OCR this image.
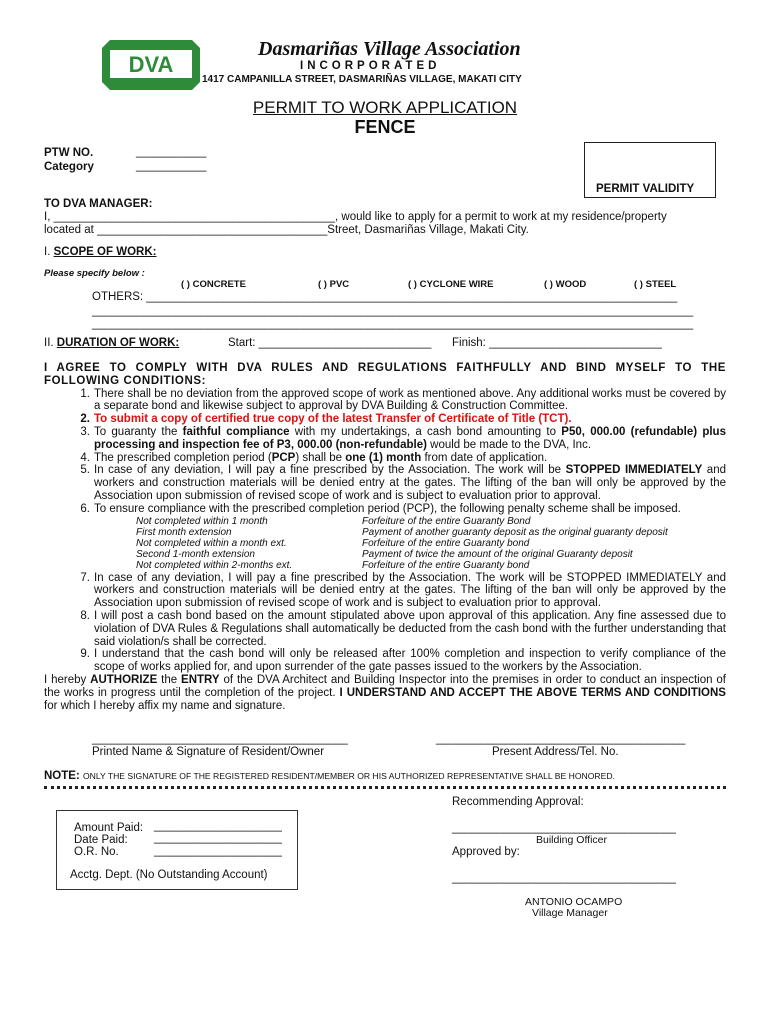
DVA
Dasmariñas Village Association
INCORPORATED
1417 CAMPANILLA STREET, DASMARIÑAS VILLAGE, MAKATI CITY
PERMIT TO WORK APPLICATION
FENCE
PTW NO.	___________
Category	___________
PERMIT VALIDITY
TO DVA MANAGER:
I, ____________________________________________, would like to apply for a permit to work at my residence/property
located at ____________________________________Street, Dasmariñas Village, Makati City.
I. SCOPE OF WORK:
Please specify below :
( ) CONCRETE	( ) PVC	( ) CYCLONE WIRE	( ) WOOD	( ) STEEL
OTHERS: ___________________________________________________________________________________
______________________________________________________________________________________________
______________________________________________________________________________________________
II. DURATION OF WORK:	Start: ___________________________ Finish: ___________________________

I AGREE TO COMPLY WITH DVA RULES AND REGULATIONS FAITHFULLY AND BIND MYSELF TO THE FOLLOWING CONDITIONS:

1. There shall be no deviation from the approved scope of work as mentioned above. Any additional works must be covered by a separate bond and likewise subject to approval by DVA Building & Construction Committee.
2. To submit a copy of certified true copy of the latest Transfer of Certificate of Title (TCT).
3. To guaranty the faithful compliance with my undertakings, a cash bond amounting to P50, 000.00 (refundable) plus processing and inspection fee of P3, 000.00 (non-refundable) would be made to the DVA, Inc.
4. The prescribed completion period (PCP) shall be one (1) month from date of application.
5. In case of any deviation, I will pay a fine prescribed by the Association. The work will be STOPPED IMMEDIATELY and workers and construction materials will be denied entry at the gates. The lifting of the ban will only be approved by the Association upon submission of revised scope of work and is subject to evaluation prior to approval.
6. To ensure compliance with the prescribed completion period (PCP), the following penalty scheme shall be imposed.
Not completed within 1 month	Forfeiture of the entire Guaranty Bond
First month extension	Payment of another guaranty deposit as the original guaranty deposit
Not completed within a month ext.	Forfeiture of the entire Guaranty bond
Second 1-month extension	Payment of twice the amount of the original Guaranty deposit
Not completed within 2-months ext.	Forfeiture of the entire Guaranty bond
7. In case of any deviation, I will pay a fine prescribed by the Association. The work will be STOPPED IMMEDIATELY and workers and construction materials will be denied entry at the gates. The lifting of the ban will only be approved by the Association upon submission of revised scope of work and is subject to evaluation prior to approval.
8. I will post a cash bond based on the amount stipulated above upon approval of this application. Any fine assessed due to violation of DVA Rules & Regulations shall automatically be deducted from the cash bond with the further understanding that said violation/s shall be corrected.
9. I understand that the cash bond will only be released after 100% completion and inspection to verify compliance of the scope of works applied for, and upon surrender of the gate passes issued to the workers by the Association.

I hereby AUTHORIZE the ENTRY of the DVA Architect and Building Inspector into the premises in order to conduct an inspection of the works in progress until the completion of the project. I UNDERSTAND AND ACCEPT THE ABOVE TERMS AND CONDITIONS for which I hereby affix my name and signature.

________________________________________	_______________________________________
Printed Name & Signature of Resident/Owner	Present Address/Tel. No.
NOTE: ONLY THE SIGNATURE OF THE REGISTERED RESIDENT/MEMBER OR HIS AUTHORIZED REPRESENTATIVE SHALL BE HONORED.
Amount Paid: ____________________
Date Paid: ____________________
O.R. No.	____________________
Acctg. Dept. (No Outstanding Account)
Recommending Approval:
___________________________________
Building Officer
Approved by:
___________________________________
ANTONIO OCAMPO
Village Manager
